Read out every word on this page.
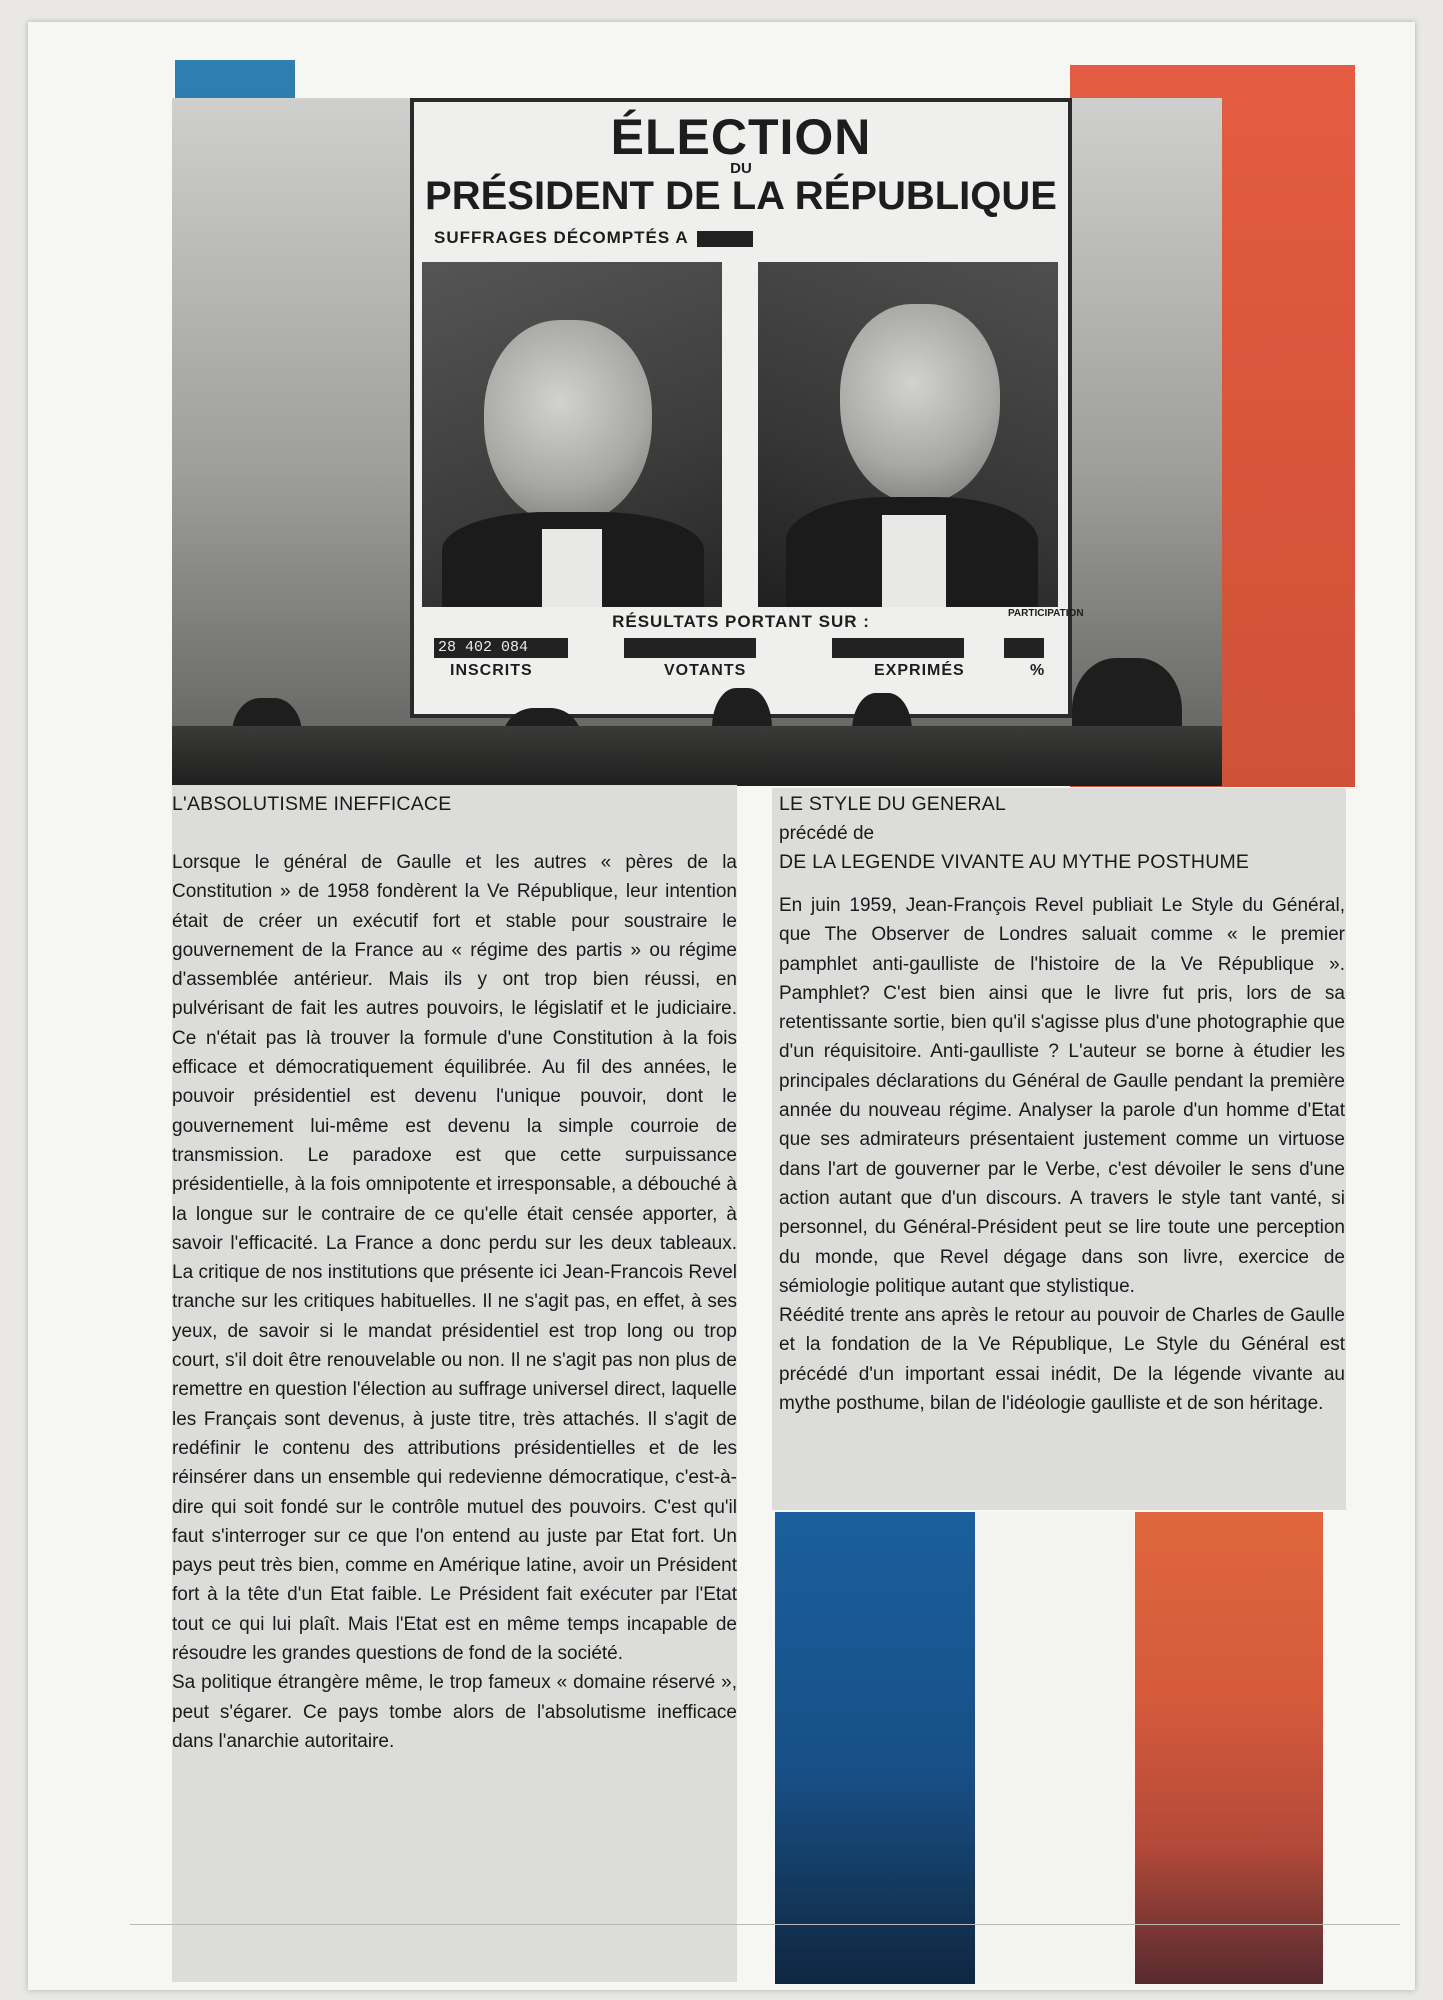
ÉLECTION
DU
PRÉSIDENT DE LA RÉPUBLIQUE
SUFFRAGES DÉCOMPTÉS A
RÉSULTATS PORTANT SUR :	PARTICIPATION
28 402 084
INSCRITS	VOTANTS	EXPRIMÉS	%

L'ABSOLUTISME INEFFICACE

Lorsque le général de Gaulle et les autres « pères de la Constitution » de 1958 fondèrent la Ve République, leur intention était de créer un exécutif fort et stable pour soustraire le gouvernement de la France au « régime des partis » ou régime d'assemblée antérieur. Mais ils y ont trop bien réussi, en pulvérisant de fait les autres pouvoirs, le législatif et le judiciaire. Ce n'était pas là trouver la formule d'une Constitution à la fois efficace et démocratiquement équilibrée. Au fil des années, le pouvoir présidentiel est devenu l'unique pouvoir, dont le gouvernement lui-même est devenu la simple courroie de transmission. Le paradoxe est que cette surpuissance présidentielle, à la fois omnipotente et irresponsable, a débouché à la longue sur le contraire de ce qu'elle était censée apporter, à savoir l'efficacité. La France a donc perdu sur les deux tableaux. La critique de nos institutions que présente ici Jean-Francois Revel tranche sur les critiques habituelles. Il ne s'agit pas, en effet, à ses yeux, de savoir si le mandat présidentiel est trop long ou trop court, s'il doit être renouvelable ou non. Il ne s'agit pas non plus de remettre en question l'élection au suffrage universel direct, laquelle les Français sont devenus, à juste titre, très attachés. Il s'agit de redéfinir le contenu des attributions présidentielles et de les réinsérer dans un ensemble qui redevienne démocratique, c'est-à-dire qui soit fondé sur le contrôle mutuel des pouvoirs. C'est qu'il faut s'interroger sur ce que l'on entend au juste par Etat fort. Un pays peut très bien, comme en Amérique latine, avoir un Président fort à la tête d'un Etat faible. Le Président fait exécuter par l'Etat tout ce qui lui plaît. Mais l'Etat est en même temps incapable de résoudre les grandes questions de fond de la société.

Sa politique étrangère même, le trop fameux « domaine réservé », peut s'égarer. Ce pays tombe alors de l'absolutisme inefficace dans l'anarchie autoritaire.

LE STYLE DU GENERAL

précédé de

DE LA LEGENDE VIVANTE AU MYTHE POSTHUME

En juin 1959, Jean-François Revel publiait Le Style du Général, que The Observer de Londres saluait comme « le premier pamphlet anti-gaulliste de l'histoire de la Ve République ». Pamphlet? C'est bien ainsi que le livre fut pris, lors de sa retentissante sortie, bien qu'il s'agisse plus d'une photographie que d'un réquisitoire. Anti-gaulliste ? L'auteur se borne à étudier les principales déclarations du Général de Gaulle pendant la première année du nouveau régime. Analyser la parole d'un homme d'Etat que ses admirateurs présentaient justement comme un virtuose dans l'art de gouverner par le Verbe, c'est dévoiler le sens d'une action autant que d'un discours. A travers le style tant vanté, si personnel, du Général-Président peut se lire toute une perception du monde, que Revel dégage dans son livre, exercice de sémiologie politique autant que stylistique.

Réédité trente ans après le retour au pouvoir de Charles de Gaulle et la fondation de la Ve République, Le Style du Général est précédé d'un important essai inédit, De la légende vivante au mythe posthume, bilan de l'idéologie gaulliste et de son héritage.
